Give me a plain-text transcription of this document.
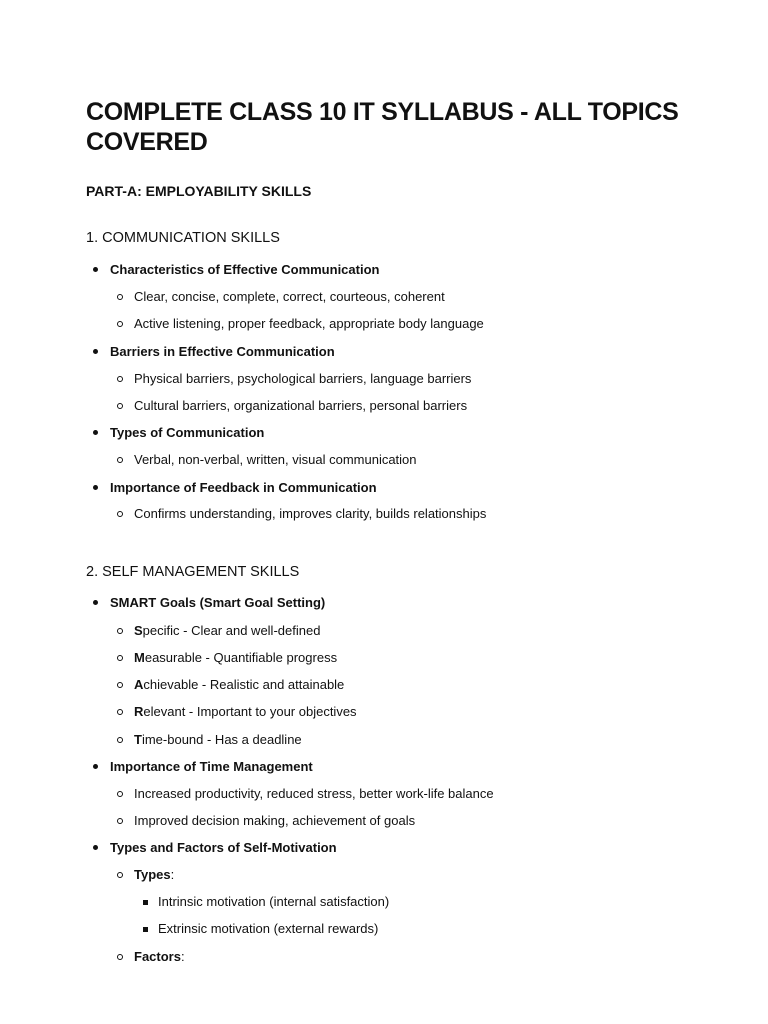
COMPLETE CLASS 10 IT SYLLABUS - ALL TOPICS COVERED
PART-A: EMPLOYABILITY SKILLS
1. COMMUNICATION SKILLS
Characteristics of Effective Communication
Clear, concise, complete, correct, courteous, coherent
Active listening, proper feedback, appropriate body language
Barriers in Effective Communication
Physical barriers, psychological barriers, language barriers
Cultural barriers, organizational barriers, personal barriers
Types of Communication
Verbal, non-verbal, written, visual communication
Importance of Feedback in Communication
Confirms understanding, improves clarity, builds relationships
2. SELF MANAGEMENT SKILLS
SMART Goals (Smart Goal Setting)
Specific - Clear and well-defined
Measurable - Quantifiable progress
Achievable - Realistic and attainable
Relevant - Important to your objectives
Time-bound - Has a deadline
Importance of Time Management
Increased productivity, reduced stress, better work-life balance
Improved decision making, achievement of goals
Types and Factors of Self-Motivation
Types:
Intrinsic motivation (internal satisfaction)
Extrinsic motivation (external rewards)
Factors:
